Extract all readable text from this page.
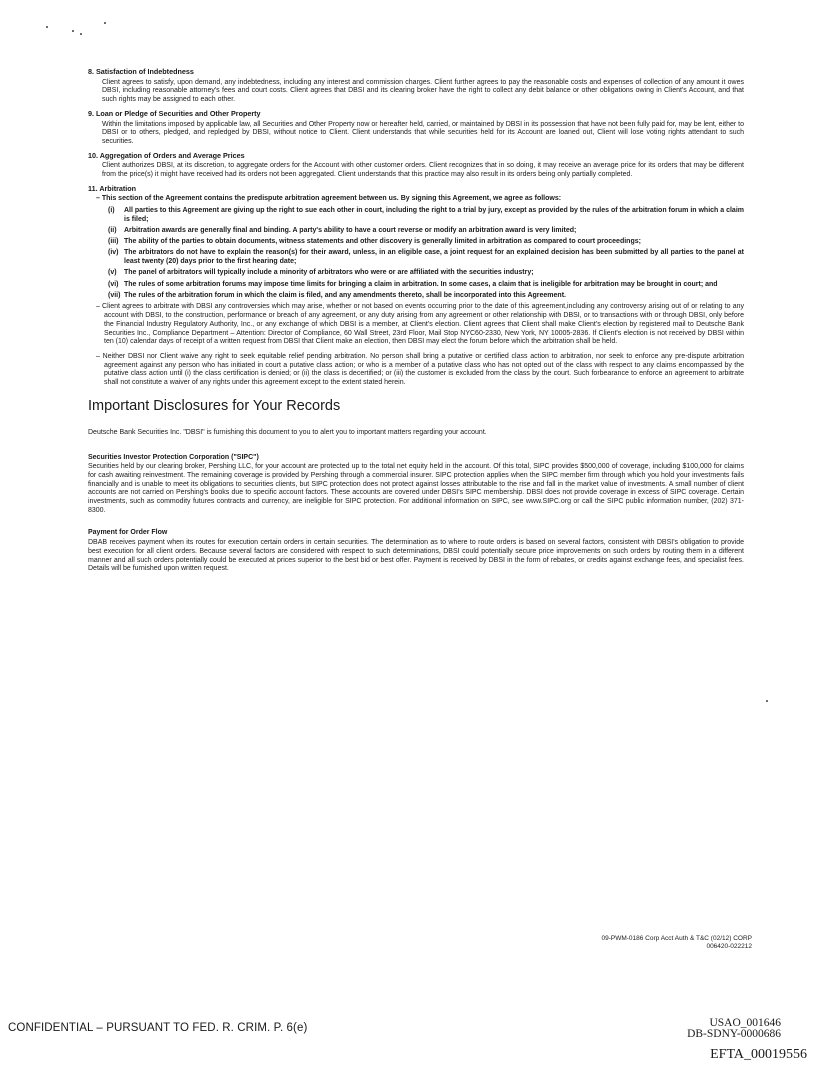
8. Satisfaction of Indebtedness
Client agrees to satisfy, upon demand, any indebtedness, including any interest and commission charges. Client further agrees to pay the reasonable costs and expenses of collection of any amount it owes DBSI, including reasonable attorney's fees and court costs. Client agrees that DBSI and its clearing broker have the right to collect any debit balance or other obligations owing in Client's Account, and that such rights may be assigned to each other.
9. Loan or Pledge of Securities and Other Property
Within the limitations imposed by applicable law, all Securities and Other Property now or hereafter held, carried, or maintained by DBSI in its possession that have not been fully paid for, may be lent, either to DBSI or to others, pledged, and repledged by DBSI, without notice to Client. Client understands that while securities held for its Account are loaned out, Client will lose voting rights attendant to such securities.
10. Aggregation of Orders and Average Prices
Client authorizes DBSI, at its discretion, to aggregate orders for the Account with other customer orders. Client recognizes that in so doing, it may receive an average price for its orders that may be different from the price(s) it might have received had its orders not been aggregated. Client understands that this practice may also result in its orders being only partially completed.
11. Arbitration
– This section of the Agreement contains the predispute arbitration agreement between us. By signing this Agreement, we agree as follows:
(i)	All parties to this Agreement are giving up the right to sue each other in court, including the right to a trial by jury, except as provided by the rules of the arbitration forum in which a claim is filed;
(ii)	Arbitration awards are generally final and binding. A party's ability to have a court reverse or modify an arbitration award is very limited;
(iii) The ability of the parties to obtain documents, witness statements and other discovery is generally limited in arbitration as compared to court proceedings;
(iv) The arbitrators do not have to explain the reason(s) for their award, unless, in an eligible case, a joint request for an explained decision has been submitted by all parties to the panel at least twenty (20) days prior to the first hearing date;
(v)	The panel of arbitrators will typically include a minority of arbitrators who were or are affiliated with the securities industry;
(vi) The rules of some arbitration forums may impose time limits for bringing a claim in arbitration. In some cases, a claim that is ineligible for arbitration may be brought in court; and
(vii) The rules of the arbitration forum in which the claim is filed, and any amendments thereto, shall be incorporated into this Agreement.
– Client agrees to arbitrate with DBSI any controversies which may arise, whether or not based on events occurring prior to the date of this agreement,including any controversy arising out of or relating to any account with DBSI, to the construction, performance or breach of any agreement, or any duty arising from any agreement or other relationship with DBSI, or to transactions with or through DBSI, only before the Financial Industry Regulatory Authority, Inc., or any exchange of which DBSI is a member, at Client's election. Client agrees that Client shall make Client's election by registered mail to Deutsche Bank Securities Inc., Compliance Department – Attention: Director of Compliance, 60 Wall Street, 23rd Floor, Mail Stop NYC60-2330, New York, NY 10005-2836. If Client's election is not received by DBSI within ten (10) calendar days of receipt of a written request from DBSI that Client make an election, then DBSI may elect the forum before which the arbitration shall be held.
– Neither DBSI nor Client waive any right to seek equitable relief pending arbitration. No person shall bring a putative or certified class action to arbitration, nor seek to enforce any pre-dispute arbitration agreement against any person who has initiated in court a putative class action; or who is a member of a putative class who has not opted out of the class with respect to any claims encompassed by the putative class action until (i) the class certification is denied; or (ii) the class is decertified; or (iii) the customer is excluded from the class by the court. Such forbearance to enforce an agreement to arbitrate shall not constitute a waiver of any rights under this agreement except to the extent stated herein.
Important Disclosures for Your Records
Deutsche Bank Securities Inc. "DBSI" is furnishing this document to you to alert you to important matters regarding your account.
Securities Investor Protection Corporation ("SIPC")
Securities held by our clearing broker, Pershing LLC, for your account are protected up to the total net equity held in the account. Of this total, SIPC provides $500,000 of coverage, including $100,000 for claims for cash awaiting reinvestment. The remaining coverage is provided by Pershing through a commercial insurer. SIPC protection applies when the SIPC member firm through which you hold your investments fails financially and is unable to meet its obligations to securities clients, but SIPC protection does not protect against losses attributable to the rise and fall in the market value of investments. A small number of client accounts are not carried on Pershing's books due to specific account factors. These accounts are covered under DBSI's SIPC membership. DBSI does not provide coverage in excess of SIPC coverage. Certain investments, such as commodity futures contracts and currency, are ineligible for SIPC protection. For additional information on SIPC, see www.SIPC.org or call the SIPC public information number, (202) 371-8300.
Payment for Order Flow
DBAB receives payment when its routes for execution certain orders in certain securities. The determination as to where to route orders is based on several factors, consistent with DBSI's obligation to provide best execution for all client orders. Because several factors are considered with respect to such determinations, DBSI could potentially secure price improvements on such orders by routing them in a different manner and all such orders potentially could be executed at prices superior to the best bid or best offer. Payment is received by DBSI in the form of rebates, or credits against exchange fees, and specialist fees. Details will be furnished upon written request.
09-PWM-0186 Corp Acct Auth & T&C (02/12) CORP
006420-022212
CONFIDENTIAL – PURSUANT TO FED. R. CRIM. P. 6(e)	USAO_001646
DB-SDNY-0000686
EFTA_00019556
